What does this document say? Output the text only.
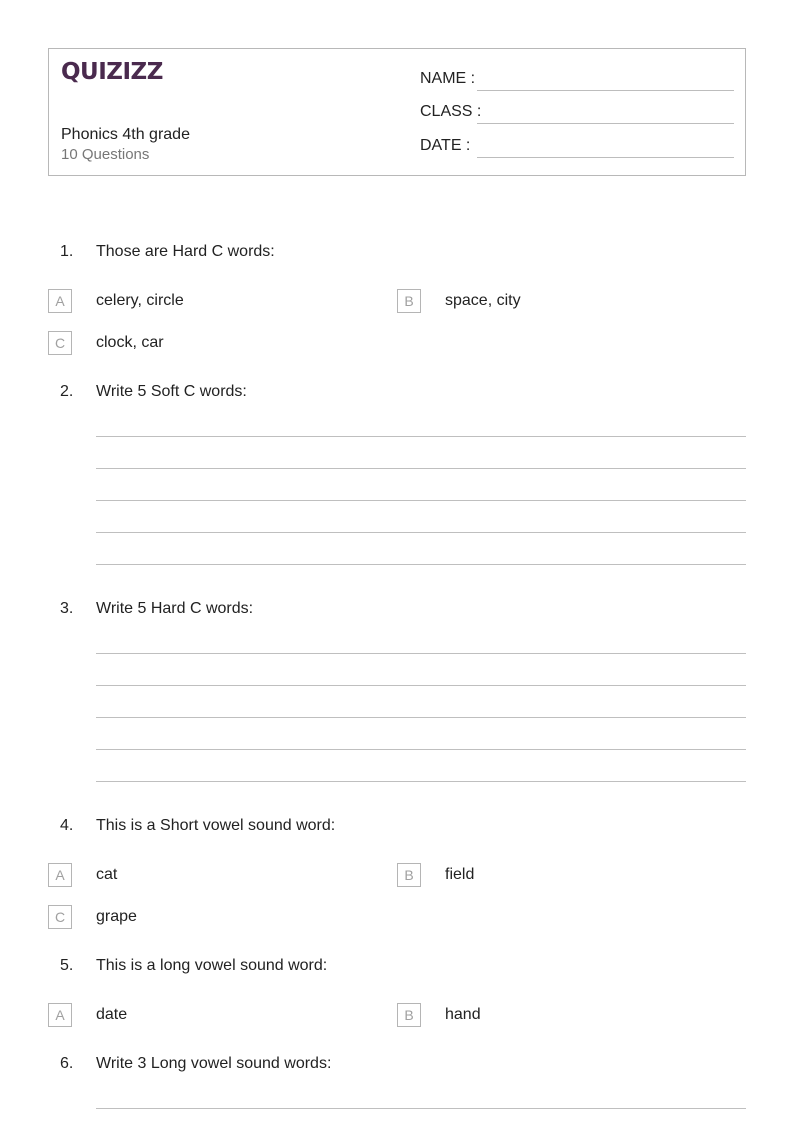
QUIZIZZ
Phonics 4th grade
10 Questions
NAME :
CLASS :
DATE :
1. Those are Hard C words:
A	celery, circle	B	space, city
C	clock, car
2. Write 5 Soft C words:
3. Write 5 Hard C words:
4. This is a Short vowel sound word:
A	cat	B	field
C	grape
5. This is a long vowel sound word:
A	date	B	hand
6. Write 3 Long vowel sound words:
